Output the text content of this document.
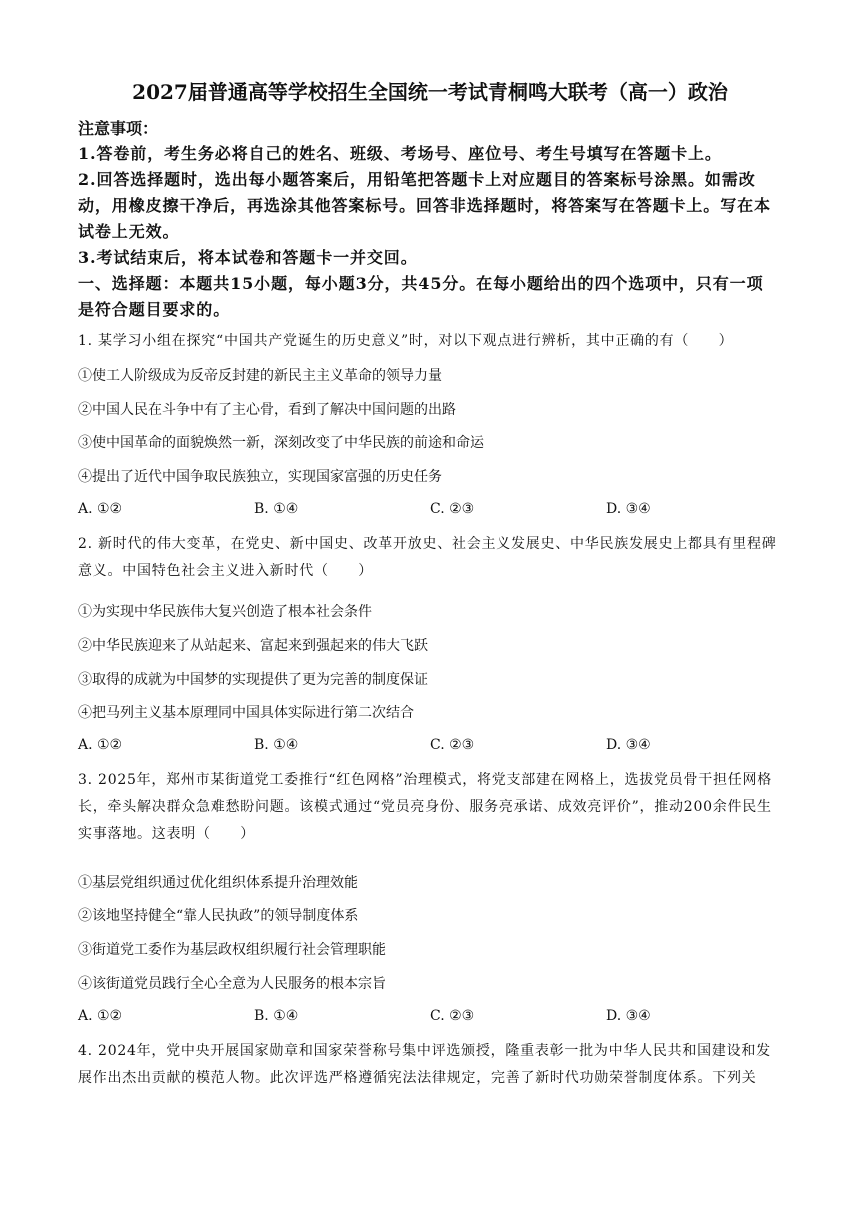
2027届普通高等学校招生全国统一考试青桐鸣大联考（高一）政治
注意事项：
1.答卷前，考生务必将自己的姓名、班级、考场号、座位号、考生号填写在答题卡上。
2.回答选择题时，选出每小题答案后，用铅笔把答题卡上对应题目的答案标号涂黑。如需改动，用橡皮擦干净后，再选涂其他答案标号。回答非选择题时，将答案写在答题卡上。写在本试卷上无效。
3.考试结束后，将本试卷和答题卡一并交回。
一、选择题：本题共15小题，每小题3分，共45分。在每小题给出的四个选项中，只有一项是符合题目要求的。
1. 某学习小组在探究“中国共产党诞生的历史意义”时，对以下观点进行辨析，其中正确的有（　　）
①使工人阶级成为反帝反封建的新民主主义革命的领导力量
②中国人民在斗争中有了主心骨，看到了解决中国问题的出路
③使中国革命的面貌焕然一新，深刻改变了中华民族的前途和命运
④提出了近代中国争取民族独立，实现国家富强的历史任务
A. ①②	B. ①④	C. ②③	D. ③④
2. 新时代的伟大变革，在党史、新中国史、改革开放史、社会主义发展史、中华民族发展史上都具有里程碑意义。中国特色社会主义进入新时代（　　）
①为实现中华民族伟大复兴创造了根本社会条件
②中华民族迎来了从站起来、富起来到强起来的伟大飞跃
③取得的成就为中国梦的实现提供了更为完善的制度保证
④把马列主义基本原理同中国具体实际进行第二次结合
A. ①②	B. ①④	C. ②③	D. ③④
3. 2025年，郑州市某街道党工委推行“红色网格”治理模式，将党支部建在网格上，选拔党员骨干担任网格长，牵头解决群众急难愁盼问题。该模式通过“党员亮身份、服务亮承诺、成效亮评价”，推动200余件民生实事落地。这表明（　　）
①基层党组织通过优化组织体系提升治理效能
②该地坚持健全“靠人民执政”的领导制度体系
③街道党工委作为基层政权组织履行社会管理职能
④该街道党员践行全心全意为人民服务的根本宗旨
A. ①②	B. ①④	C. ②③	D. ③④
4. 2024年，党中央开展国家勋章和国家荣誉称号集中评选颁授，隆重表彰一批为中华人民共和国建设和发展作出杰出贡献的模范人物。此次评选严格遵循宪法法律规定，完善了新时代功勋荣誉制度体系。下列关
